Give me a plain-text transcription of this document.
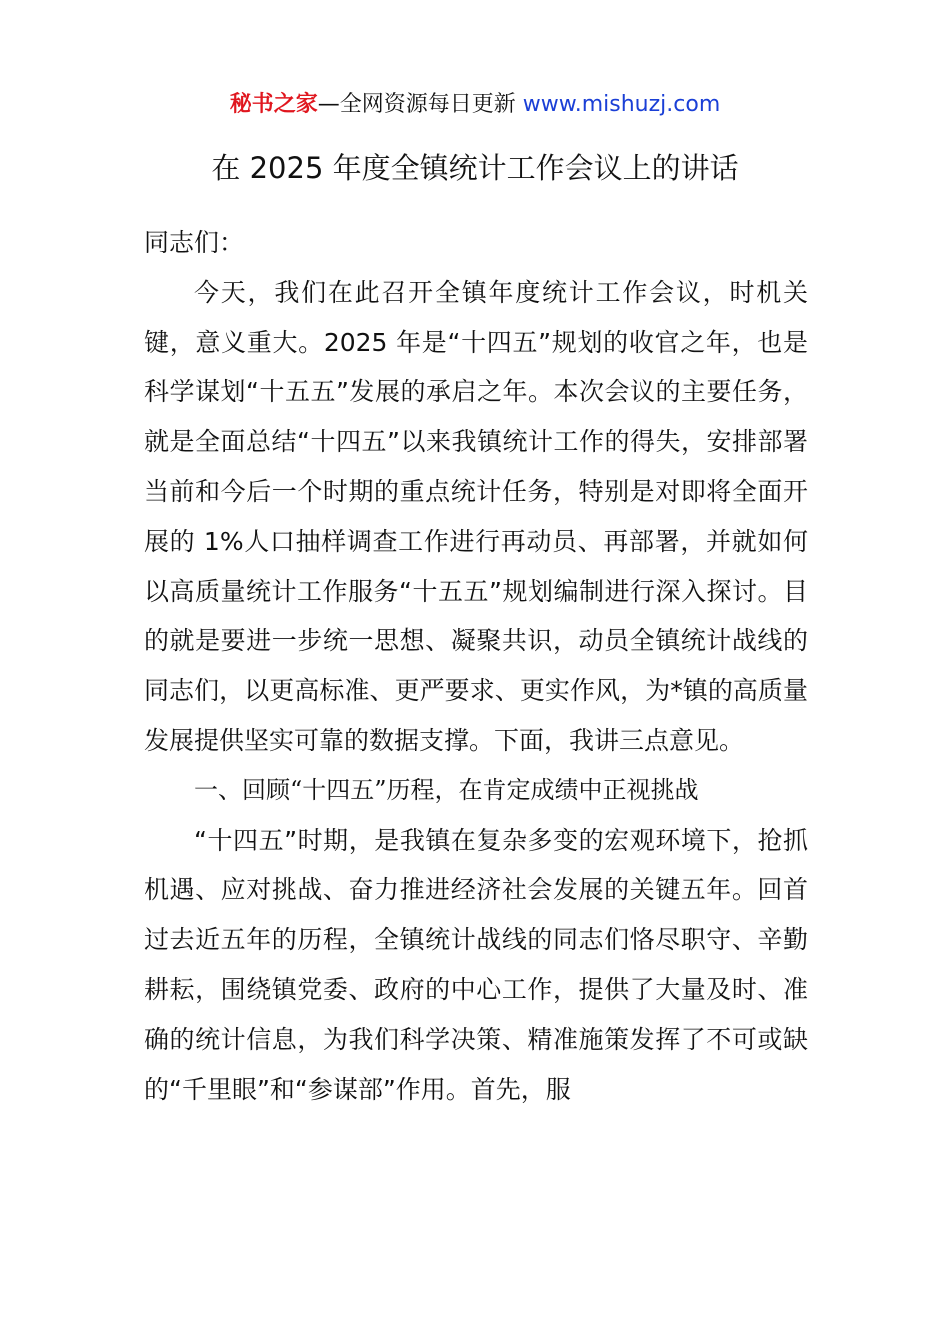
秘书之家—全网资源每日更新 www.mishuzj.com
在 2025 年度全镇统计工作会议上的讲话

同志们：

今天，我们在此召开全镇年度统计工作会议，时机关键，意义重大。2025 年是“十四五”规划的收官之年，也是科学谋划“十五五”发展的承启之年。本次会议的主要任务，就是全面总结“十四五”以来我镇统计工作的得失，安排部署当前和今后一个时期的重点统计任务，特别是对即将全面开展的 1%人口抽样调查工作进行再动员、再部署，并就如何以高质量统计工作服务“十五五”规划编制进行深入探讨。目的就是要进一步统一思想、凝聚共识，动员全镇统计战线的同志们，以更高标准、更严要求、更实作风，为*镇的高质量发展提供坚实可靠的数据支撑。下面，我讲三点意见。

一、回顾“十四五”历程，在肯定成绩中正视挑战

“十四五”时期，是我镇在复杂多变的宏观环境下，抢抓机遇、应对挑战、奋力推进经济社会发展的关键五年。回首过去近五年的历程，全镇统计战线的同志们恪尽职守、辛勤耕耘，围绕镇党委、政府的中心工作，提供了大量及时、准确的统计信息，为我们科学决策、精准施策发挥了不可或缺的“千里眼”和“参谋部”作用。首先，服
